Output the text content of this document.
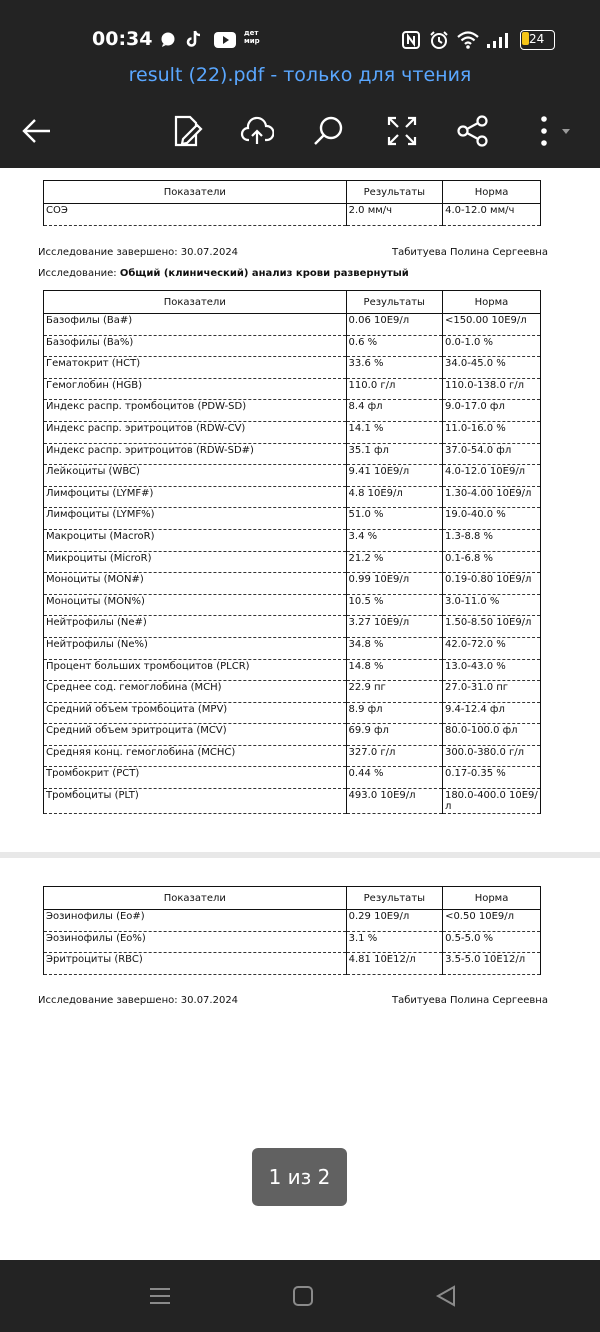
00:34	дет мир	24
result (22).pdf - только для чтения
Показатели	Результаты	Норма
СОЭ	2.0 мм/ч	4.0-12.0 мм/ч
Исследование завершено: 30.07.2024	Табитуева Полина Сергеевна
Исследование: Общий (клинический) анализ крови развернутый
Показатели	Результаты	Норма
Базофилы (Ba#)	0.06 10E9/л	<150.00 10E9/л
Базофилы (Ba%)	0.6 %	0.0-1.0 %
Гематокрит (HCT)	33.6 %	34.0-45.0 %
Гемоглобин (HGB)	110.0 г/л	110.0-138.0 г/л
Индекс распр. тромбоцитов (PDW-SD)	8.4 фл	9.0-17.0 фл
Индекс распр. эритроцитов (RDW-CV)	14.1 %	11.0-16.0 %
Индекс распр. эритроцитов (RDW-SD#)	35.1 фл	37.0-54.0 фл
Лейкоциты (WBC)	9.41 10E9/л	4.0-12.0 10E9/л
Лимфоциты (LYMF#)	4.8 10E9/л	1.30-4.00 10E9/л
Лимфоциты (LYMF%)	51.0 %	19.0-40.0 %
Макроциты (MacroR)	3.4 %	1.3-8.8 %
Микроциты (MicroR)	21.2 %	0.1-6.8 %
Моноциты (MON#)	0.99 10E9/л	0.19-0.80 10E9/л
Моноциты (MON%)	10.5 %	3.0-11.0 %
Нейтрофилы (Ne#)	3.27 10E9/л	1.50-8.50 10E9/л
Нейтрофилы (Ne%)	34.8 %	42.0-72.0 %
Процент больших тромбоцитов (PLCR)	14.8 %	13.0-43.0 %
Среднее сод. гемоглобина (MCH)	22.9 пг	27.0-31.0 пг
Средний объем тромбоцита (MPV)	8.9 фл	9.4-12.4 фл
Средний объем эритроцита (MCV)	69.9 фл	80.0-100.0 фл
Средняя конц. гемоглобина (MCHC)	327.0 г/л	300.0-380.0 г/л
Тромбокрит (PCT)	0.44 %	0.17-0.35 %
Тромбоциты (PLT)	493.0 10E9/л	180.0-400.0 10E9/л
Показатели	Результаты	Норма
Эозинофилы (Eo#)	0.29 10E9/л	<0.50 10E9/л
Эозинофилы (Eo%)	3.1 %	0.5-5.0 %
Эритроциты (RBC)	4.81 10E12/л	3.5-5.0 10E12/л
Исследование завершено: 30.07.2024	Табитуева Полина Сергеевна
1 из 2
